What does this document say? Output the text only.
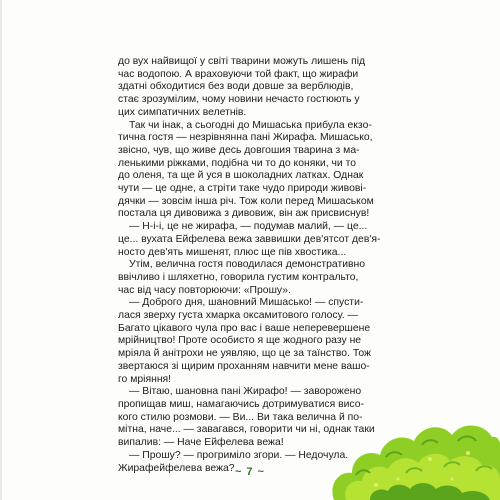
до вух найвищої у світі тварини можуть лишень під
час водопою. А враховуючи той факт, що жирафи
здатні обходитися без води довше за верблюдів,
стає зрозумілим, чому новини нечасто гостюють у
цих симпатичних велетнів.
Так чи інак, а сьогодні до Мишаська прибула екзо-
тична гостя — незрівнянна пані Жирафа. Мишасько,
звісно, чув, що живе десь довгошия тварина з ма-
ленькими ріжками, подібна чи то до коняки, чи то
до оленя, та ще й уся в шоколадних латках. Однак
чути — це одне, а стріти таке чудо природи живові-
дячки — зовсім інша річ. Тож коли перед Мишаськом
постала ця дивовижа з дивовиж, він аж присвиснув!
— Н-і-і, це не жирафа, — подумав малий, — це...
це... вухата Ейфелева вежа заввишки дев'ятсот дев'я-
носто дев'ять мишенят, плюс ще пів хвостика...
Утім, велична гостя поводилася демонстративно
ввічливо і шляхетно, говорила густим контральто,
час від часу повторюючи: «Прошу».
— Доброго дня, шановний Мишасько! — спусти-
лася зверху густа хмарка оксамитового голосу. —
Багато цікавого чула про вас і ваше неперевершене
мрійництво! Проте особисто я ще жодного разу не
мріяла й анітрохи не уявляю, що це за таїнство. Тож
звертаюся зі щирим проханням навчити мене вашо-
го мріяння!
— Вітаю, шановна пані Жирафо! — заворожено
пропищав миш, намагаючись дотримуватися висо-
кого стилю розмови. — Ви... Ви така велична й по-
мітна, наче... — завагався, говорити чи ні, однак таки
випалив: — Наче Ейфелева вежа!
— Прошу? — прогриміло згори. — Недочула.
Жирафейфелева вежа? ~ 7 ~
